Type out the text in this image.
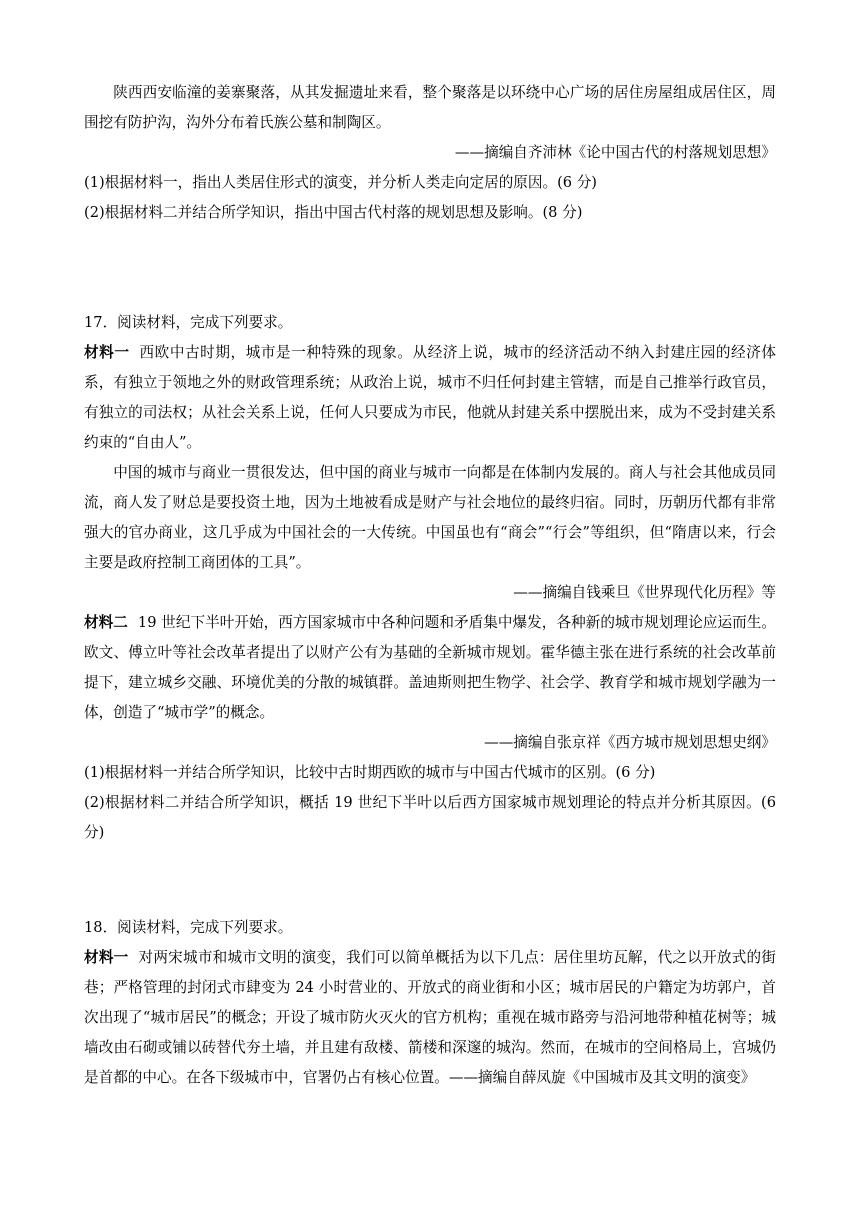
陕西西安临潼的姜寨聚落，从其发掘遗址来看，整个聚落是以环绕中心广场的居住房屋组成居住区，周围挖有防护沟，沟外分布着氏族公墓和制陶区。

——摘编自齐沛林《论中国古代的村落规划思想》

(1)根据材料一，指出人类居住形式的演变，并分析人类走向定居的原因。(6 分)

(2)根据材料二并结合所学知识，指出中国古代村落的规划思想及影响。(8 分)

17．阅读材料，完成下列要求。

材料一 西欧中古时期，城市是一种特殊的现象。从经济上说，城市的经济活动不纳入封建庄园的经济体系，有独立于领地之外的财政管理系统；从政治上说，城市不归任何封建主管辖，而是自己推举行政官员，有独立的司法权；从社会关系上说，任何人只要成为市民，他就从封建关系中摆脱出来，成为不受封建关系约束的“自由人”。

中国的城市与商业一贯很发达，但中国的商业与城市一向都是在体制内发展的。商人与社会其他成员同流，商人发了财总是要投资土地，因为土地被看成是财产与社会地位的最终归宿。同时，历朝历代都有非常强大的官办商业，这几乎成为中国社会的一大传统。中国虽也有“商会”“行会”等组织，但“隋唐以来，行会主要是政府控制工商团体的工具”。

——摘编自钱乘旦《世界现代化历程》等

材料二 19 世纪下半叶开始，西方国家城市中各种问题和矛盾集中爆发，各种新的城市规划理论应运而生。欧文、傅立叶等社会改革者提出了以财产公有为基础的全新城市规划。霍华德主张在进行系统的社会改革前提下，建立城乡交融、环境优美的分散的城镇群。盖迪斯则把生物学、社会学、教育学和城市规划学融为一体，创造了“城市学”的概念。

——摘编自张京祥《西方城市规划思想史纲》

(1)根据材料一并结合所学知识，比较中古时期西欧的城市与中国古代城市的区别。(6 分)

(2)根据材料二并结合所学知识，概括 19 世纪下半叶以后西方国家城市规划理论的特点并分析其原因。(6 分)

18．阅读材料，完成下列要求。

材料一 对两宋城市和城市文明的演变，我们可以简单概括为以下几点：居住里坊瓦解，代之以开放式的街巷；严格管理的封闭式市肆变为 24 小时营业的、开放式的商业街和小区；城市居民的户籍定为坊郭户，首次出现了“城市居民”的概念；开设了城市防火灭火的官方机构；重视在城市路旁与沿河地带种植花树等；城墙改由石砌或铺以砖替代夯土墙，并且建有敌楼、箭楼和深邃的城沟。然而，在城市的空间格局上，宫城仍是首都的中心。在各下级城市中，官署仍占有核心位置。——摘编自薛凤旋《中国城市及其文明的演变》
